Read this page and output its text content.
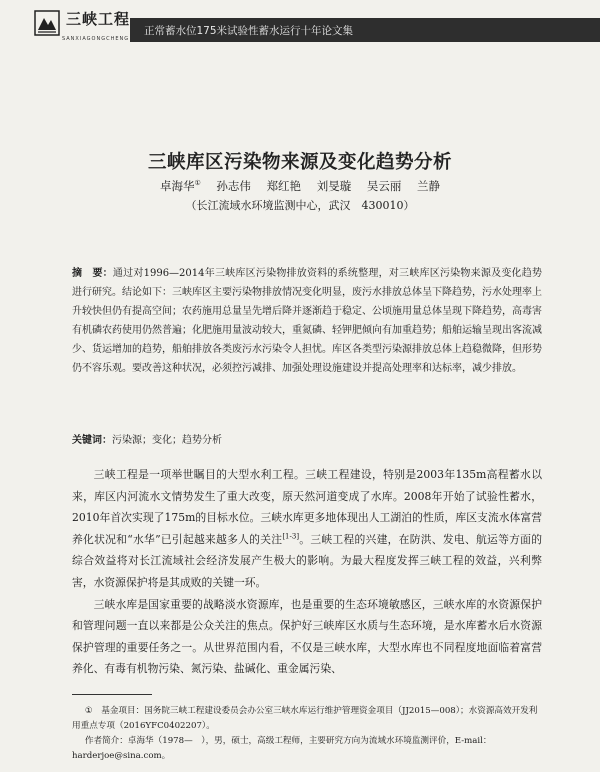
三峡工程
SANXIAGONGCHENG
正常蓄水位175米试验性蓄水运行十年论文集
三峡库区污染物来源及变化趋势分析
卓海华① 孙志伟 郑红艳 刘旻璇 吴云丽 兰静
（长江流域水环境监测中心，武汉　430010）
摘　要：通过对1996—2014年三峡库区污染物排放资料的系统整理，对三峡库区污染物来源及变化趋势进行研究。结论如下：三峡库区主要污染物排放情况变化明显，废污水排放总体呈下降趋势，污水处理率上升较快但仍有提高空间；农药施用总量呈先增后降并逐渐趋于稳定、公顷施用量总体呈现下降趋势，高毒害有机磷农药使用仍然普遍；化肥施用量波动较大，重氮磷、轻钾肥倾向有加重趋势；船舶运输呈现出客流减少、货运增加的趋势，船舶排放各类废污水污染令人担忧。库区各类型污染源排放总体上趋稳微降，但形势仍不容乐观。要改善这种状况，必须控污减排、加强处理设施建设并提高处理率和达标率，减少排放。
关键词：污染源；变化；趋势分析

三峡工程是一项举世瞩目的大型水利工程。三峡工程建设，特别是2003年135m高程蓄水以来，库区内河流水文情势发生了重大改变，原天然河道变成了水库。2008年开始了试验性蓄水，2010年首次实现了175m的目标水位。三峡水库更多地体现出人工湖泊的性质，库区支流水体富营养化状况和“水华”已引起越来越多人的关注[1-3]。三峡工程的兴建，在防洪、发电、航运等方面的综合效益将对长江流域社会经济发展产生极大的影响。为最大程度发挥三峡工程的效益，兴利弊害，水资源保护将是其成败的关键一环。

三峡水库是国家重要的战略淡水资源库，也是重要的生态环境敏感区，三峡水库的水资源保护和管理问题一直以来都是公众关注的焦点。保护好三峡库区水质与生态环境，是水库蓄水后水资源保护管理的重要任务之一。从世界范围内看，不仅是三峡水库，大型水库也不同程度地面临着富营养化、有毒有机物污染、氮污染、盐碱化、重金属污染、

①　 基金项目：国务院三峡工程建设委员会办公室三峡水库运行维护管理资金项目（JJ2015—008）；水资源高效开发利用重点专项（2016YFC0402207）。

作者简介：卓海华（1978—　），男，硕士，高级工程师，主要研究方向为流域水环境监测评价，E-mail：harderjoe@sina.com。
